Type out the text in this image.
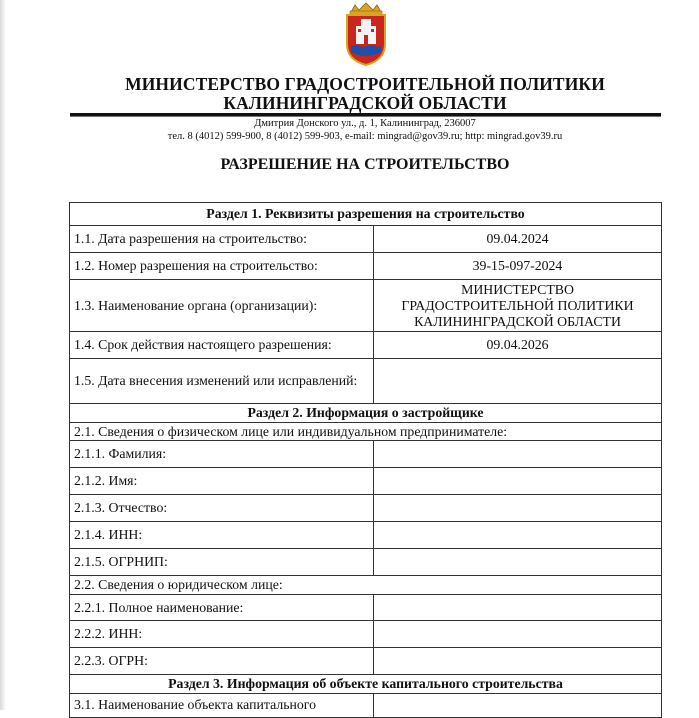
МИНИСТЕРСТВО ГРАДОСТРОИТЕЛЬНОЙ ПОЛИТИКИ
КАЛИНИНГРАДСКОЙ ОБЛАСТИ
Дмитрия Донского ул., д. 1, Калининград, 236007
тел. 8 (4012) 599-900, 8 (4012) 599-903, e-mail: mingrad@gov39.ru; http: mingrad.gov39.ru
РАЗРЕШЕНИЕ НА СТРОИТЕЛЬСТВО
Раздел 1. Реквизиты разрешения на строительство	
1.1. Дата разрешения на строительство:	09.04.2024
1.2. Номер разрешения на строительство:	39-15-097-2024
1.3. Наименование органа (организации):	МИНИСТЕРСТВО ГРАДОСТРОИТЕЛЬНОЙ ПОЛИТИКИ КАЛИНИНГРАДСКОЙ ОБЛАСТИ
1.4. Срок действия настоящего разрешения:	09.04.2026
1.5. Дата внесения изменений или исправлений:	
Раздел 2. Информация о застройщике	
2.1. Сведения о физическом лице или индивидуальном предпринимателе:	
2.1.1. Фамилия:	
2.1.2. Имя:	
2.1.3. Отчество:	
2.1.4. ИНН:	
2.1.5. ОГРНИП:	
2.2. Сведения о юридическом лице:	
2.2.1. Полное наименование:	
2.2.2. ИНН:	
2.2.3. ОГРН:	
Раздел 3. Информация об объекте капитального строительства	
3.1. Наименование объекта капитального	
